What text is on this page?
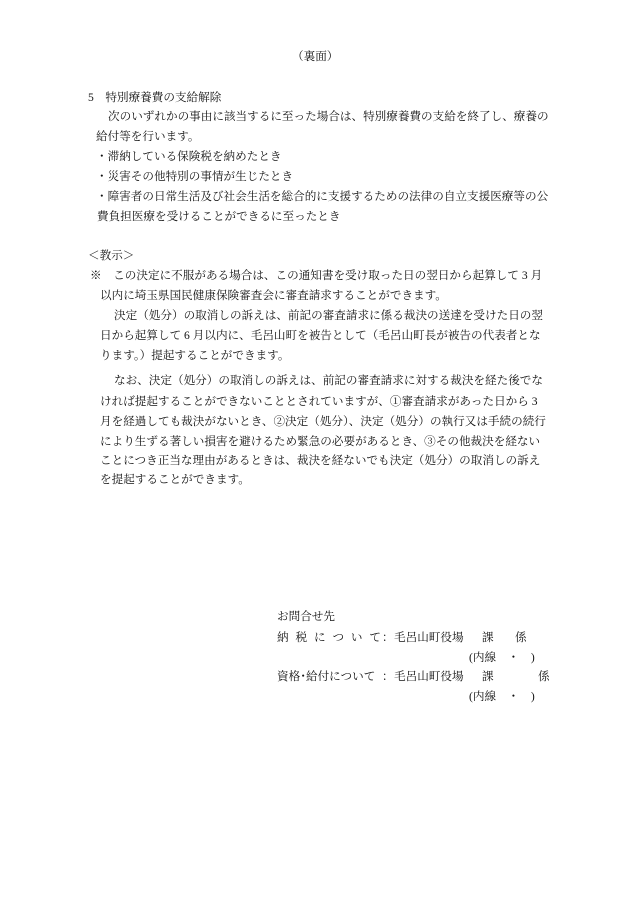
（裏面）
5　特別療養費の支給解除
次のいずれかの事由に該当するに至った場合は、特別療養費の支給を終了し、療養の
給付等を行います。
・滞納している保険税を納めたとき
・災害その他特別の事情が生じたとき
・障害者の日常生活及び社会生活を総合的に支援するための法律の自立支援医療等の公
費負担医療を受けることができるに至ったとき
＜教示＞
※　この決定に不服がある場合は、この通知書を受け取った日の翌日から起算して 3 月
以内に埼玉県国民健康保険審査会に審査請求することができます。
決定（処分）の取消しの訴えは、前記の審査請求に係る裁決の送達を受けた日の翌
日から起算して 6 月以内に、毛呂山町を被告として（毛呂山町長が被告の代表者とな
ります。）提起することができます。
なお、決定（処分）の取消しの訴えは、前記の審査請求に対する裁決を経た後でな
ければ提起することができないこととされていますが、①審査請求があった日から 3
月を経過しても裁決がないとき、②決定（処分）、決定（処分）の執行又は手続の続行
により生ずる著しい損害を避けるため緊急の必要があるとき、③その他裁決を経ない
ことにつき正当な理由があるときは、裁決を経ないでも決定（処分）の取消しの訴え
を提起することができます。
お問合せ先
納 税 に つ い て ： 毛呂山町役場 課 係
(内線　・　)
資格･給付について ： 毛呂山町役場 課	係
(内線　・　)
